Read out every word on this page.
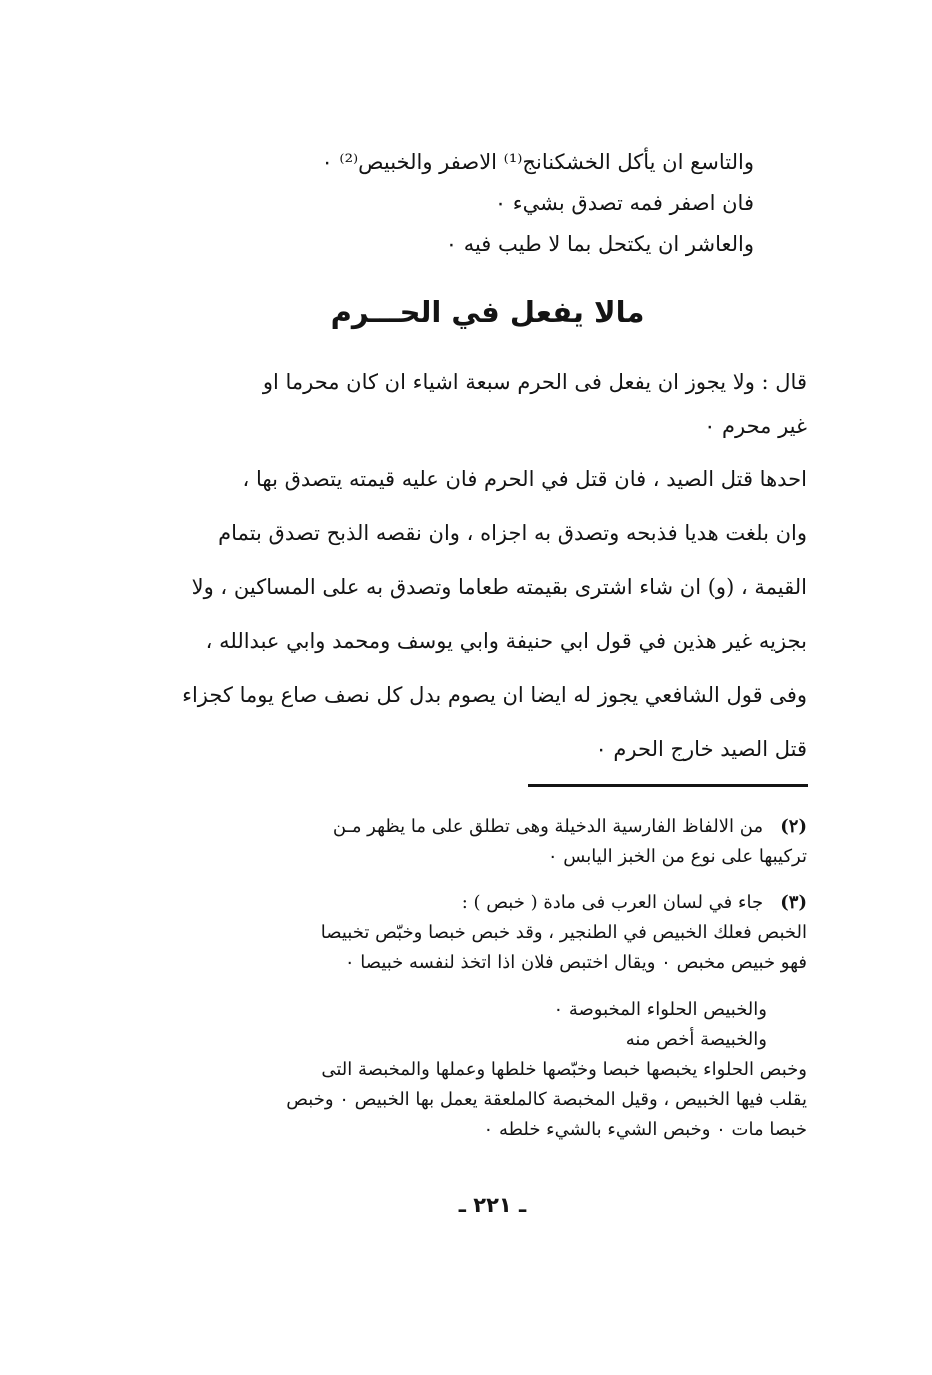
والتاسع ان يأكل الخشكنانج⁽¹⁾ الاصفر والخبيص⁽²⁾ ٠
فان اصفر فمه تصدق بشيء ٠
والعاشر ان يكتحل بما لا طيب فيه ٠
مالا يفعل في الحـــرم
قال : ولا يجوز ان يفعل فى الحرم سبعة اشياء ان كان محرما او
غير محرم ٠
احدها قتل الصيد ، فان قتل في الحرم فان عليه قيمته يتصدق بها ،
وان بلغت هديا فذبحه وتصدق به اجزاه ، وان نقصه الذبح تصدق بتمام
القيمة ، (و) ان شاء اشترى بقيمته طعاما وتصدق به على المساكين ، ولا
بجزيه غير هذين في قول ابي حنيفة وابي يوسف ومحمد وابي عبدالله ،
وفى قول الشافعي يجوز له ايضا ان يصوم بدل كل نصف صاع يوما كجزاء
قتل الصيد خارج الحرم ٠
(٢)   من الالفاظ الفارسية الدخيلة وهى تطلق على ما يظهر مـن
تركيبها على نوع من الخبز اليابس ٠
(٣)   جاء في لسان العرب فى مادة ( خبص ) :
الخبص فعلك الخبيص في الطنجير ، وقد خبص خبصا وخبّص تخبيصا
فهو خبيص مخبص ٠ ويقال اختبص فلان اذا اتخذ لنفسه خبيصا ٠
والخبيص الحلواء المخبوصة ٠
والخبيصة أخص منه
وخبص الحلواء يخبصها خبصا وخبّصها خلطها وعملها والمخبصة التى
يقلب فيها الخبيص ، وقيل المخبصة كالملعقة يعمل بها الخبيص ٠ وخبص
خبصا مات ٠ وخبص الشيء بالشيء خلطه ٠
ـ ٢٢١ ـ
